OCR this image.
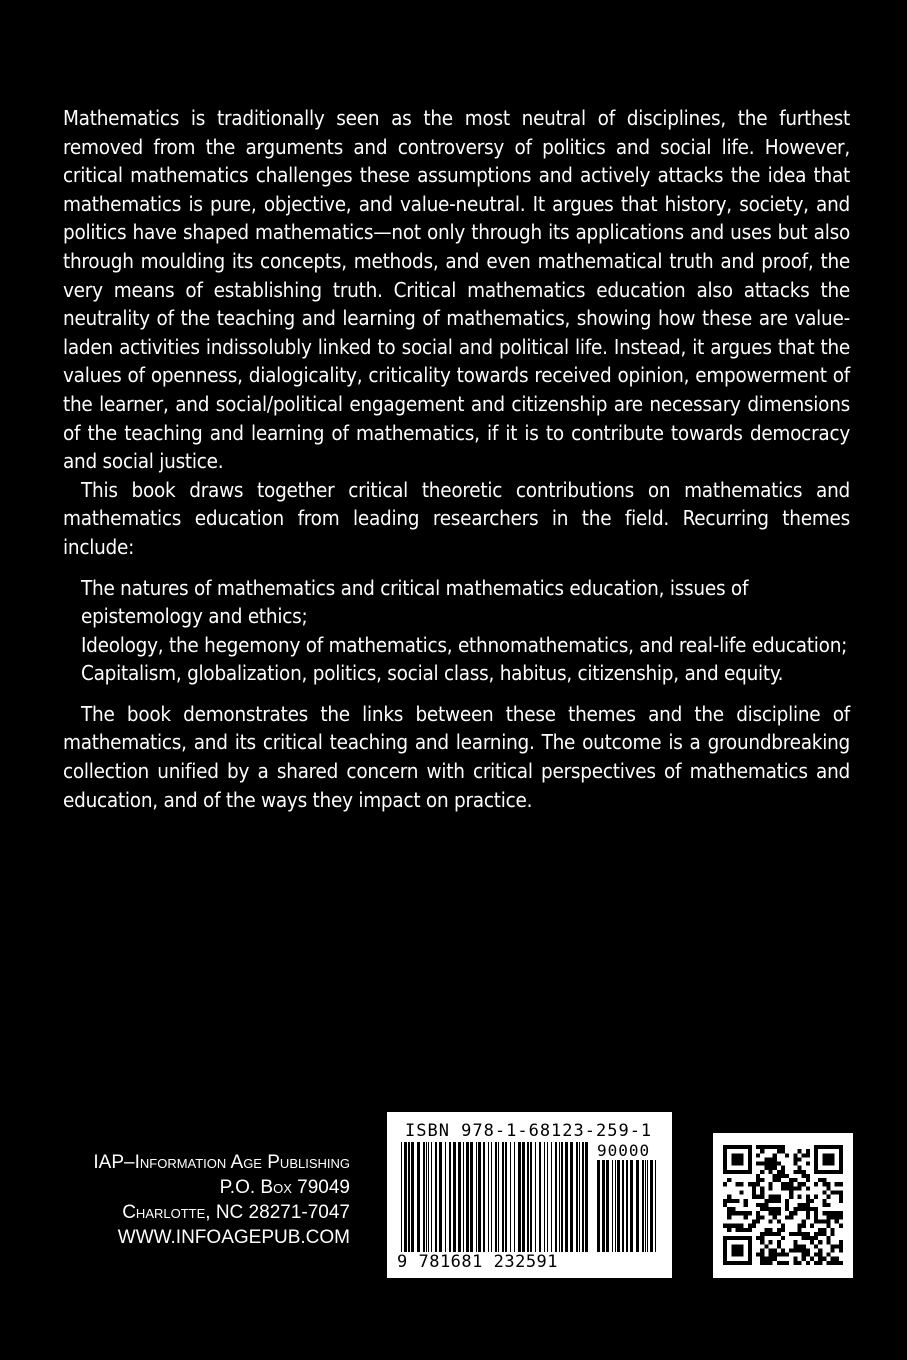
Mathematics is traditionally seen as the most neutral of disciplines, the furthest removed from the arguments and controversy of politics and social life. However, critical mathematics challenges these assumptions and actively attacks the idea that mathematics is pure, objective, and value-neutral. It argues that history, society, and politics have shaped mathematics—not only through its applications and uses but also through moulding its concepts, methods, and even mathematical truth and proof, the very means of establishing truth. Critical mathematics education also attacks the neutrality of the teaching and learning of mathematics, showing how these are value-laden activities indissolubly linked to social and political life. Instead, it argues that the values of openness, dialogicality, criticality towards received opinion, empowerment of the learner, and social/political engagement and citizenship are necessary dimensions of the teaching and learning of mathematics, if it is to contribute towards democracy and social justice.

This book draws together critical theoretic contributions on mathematics and mathematics education from leading researchers in the field. Recurring themes include:

The natures of mathematics and critical mathematics education, issues of epistemology and ethics;
Ideology, the hegemony of mathematics, ethnomathematics, and real-life education;
Capitalism, globalization, politics, social class, habitus, citizenship, and equity.

The book demonstrates the links between these themes and the discipline of mathematics, and its critical teaching and learning. The outcome is a groundbreaking collection unified by a shared concern with critical perspectives of mathematics and education, and of the ways they impact on practice.

IAP–Information Age Publishing
P.O. Box 79049
Charlotte, NC 28271-7047
WWW.INFOAGEPUB.COM
ISBN 978-1-68123-259-1
90000
9 781681 232591
